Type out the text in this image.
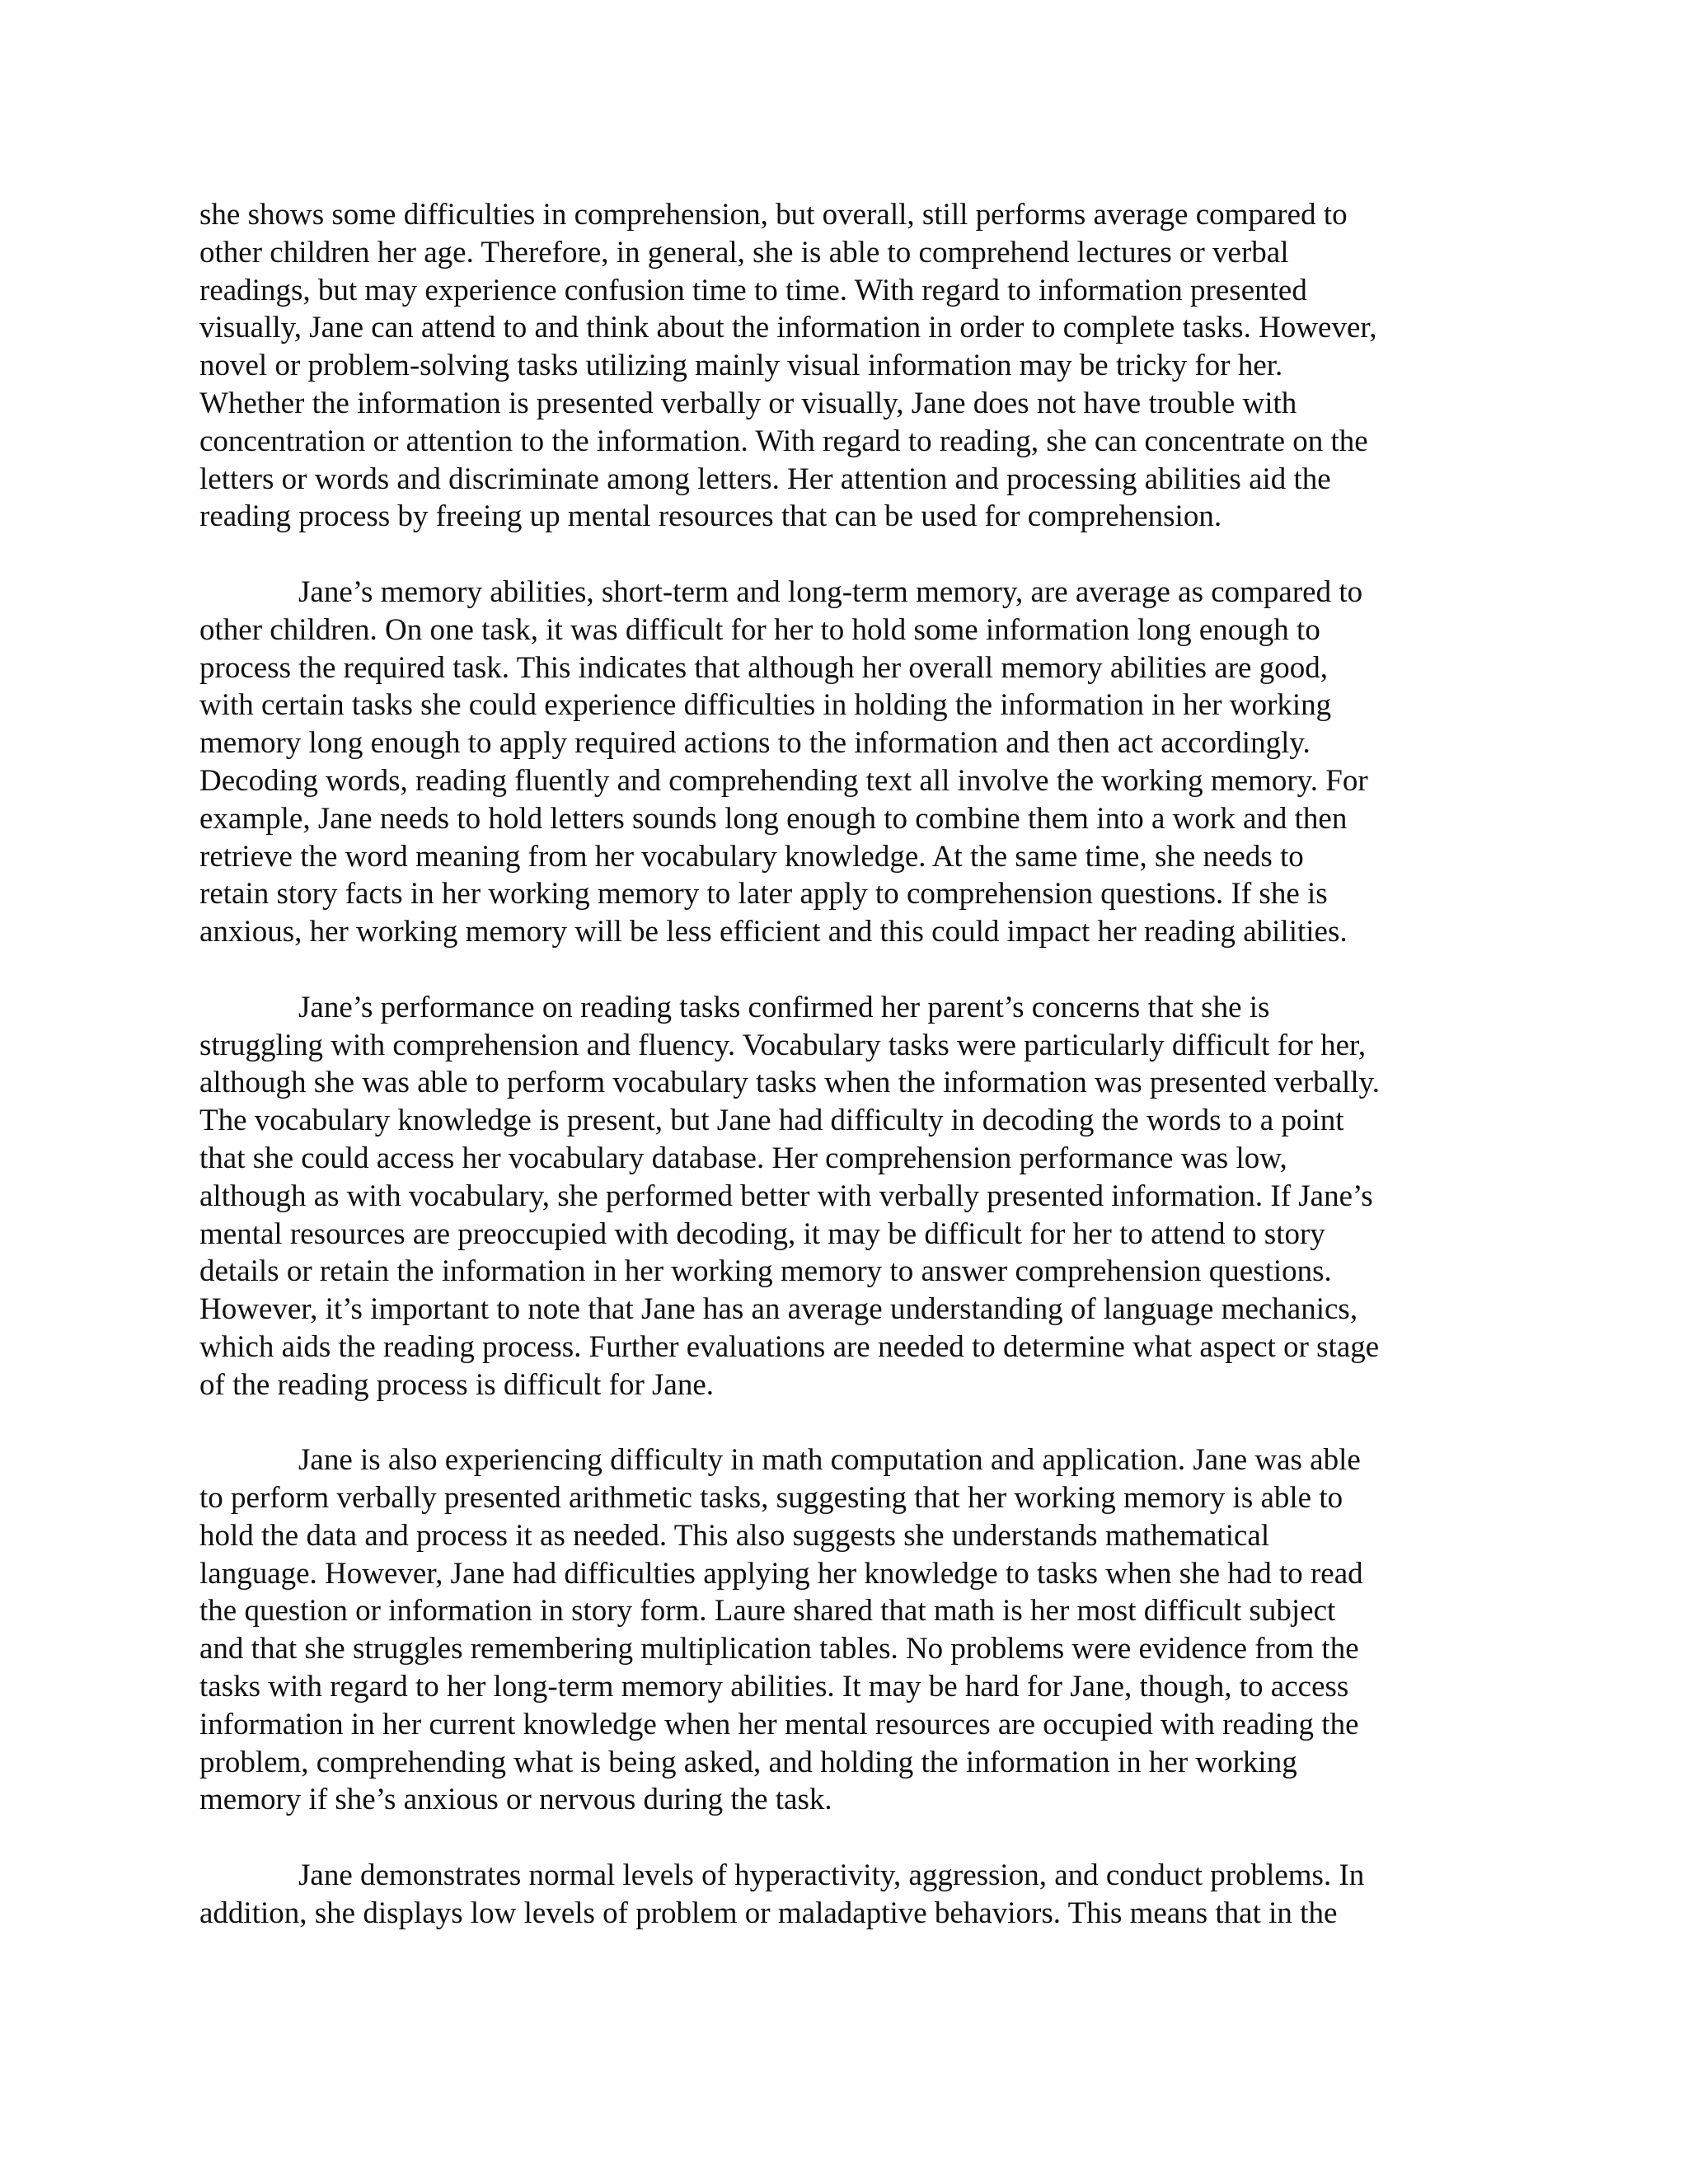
she shows some difficulties in comprehension, but overall, still performs average compared to
other children her age. Therefore, in general, she is able to comprehend lectures or verbal
readings, but may experience confusion time to time. With regard to information presented
visually, Jane can attend to and think about the information in order to complete tasks. However,
novel or problem-solving tasks utilizing mainly visual information may be tricky for her.
Whether the information is presented verbally or visually, Jane does not have trouble with
concentration or attention to the information. With regard to reading, she can concentrate on the
letters or words and discriminate among letters. Her attention and processing abilities aid the
reading process by freeing up mental resources that can be used for comprehension.
Jane’s memory abilities, short-term and long-term memory, are average as compared to
other children. On one task, it was difficult for her to hold some information long enough to
process the required task. This indicates that although her overall memory abilities are good,
with certain tasks she could experience difficulties in holding the information in her working
memory long enough to apply required actions to the information and then act accordingly.
Decoding words, reading fluently and comprehending text all involve the working memory. For
example, Jane needs to hold letters sounds long enough to combine them into a work and then
retrieve the word meaning from her vocabulary knowledge. At the same time, she needs to
retain story facts in her working memory to later apply to comprehension questions. If she is
anxious, her working memory will be less efficient and this could impact her reading abilities.
Jane’s performance on reading tasks confirmed her parent’s concerns that she is
struggling with comprehension and fluency. Vocabulary tasks were particularly difficult for her,
although she was able to perform vocabulary tasks when the information was presented verbally.
The vocabulary knowledge is present, but Jane had difficulty in decoding the words to a point
that she could access her vocabulary database. Her comprehension performance was low,
although as with vocabulary, she performed better with verbally presented information. If Jane’s
mental resources are preoccupied with decoding, it may be difficult for her to attend to story
details or retain the information in her working memory to answer comprehension questions.
However, it’s important to note that Jane has an average understanding of language mechanics,
which aids the reading process. Further evaluations are needed to determine what aspect or stage
of the reading process is difficult for Jane.
Jane is also experiencing difficulty in math computation and application. Jane was able
to perform verbally presented arithmetic tasks, suggesting that her working memory is able to
hold the data and process it as needed. This also suggests she understands mathematical
language. However, Jane had difficulties applying her knowledge to tasks when she had to read
the question or information in story form. Laure shared that math is her most difficult subject
and that she struggles remembering multiplication tables. No problems were evidence from the
tasks with regard to her long-term memory abilities. It may be hard for Jane, though, to access
information in her current knowledge when her mental resources are occupied with reading the
problem, comprehending what is being asked, and holding the information in her working
memory if she’s anxious or nervous during the task.
Jane demonstrates normal levels of hyperactivity, aggression, and conduct problems. In
addition, she displays low levels of problem or maladaptive behaviors. This means that in the
